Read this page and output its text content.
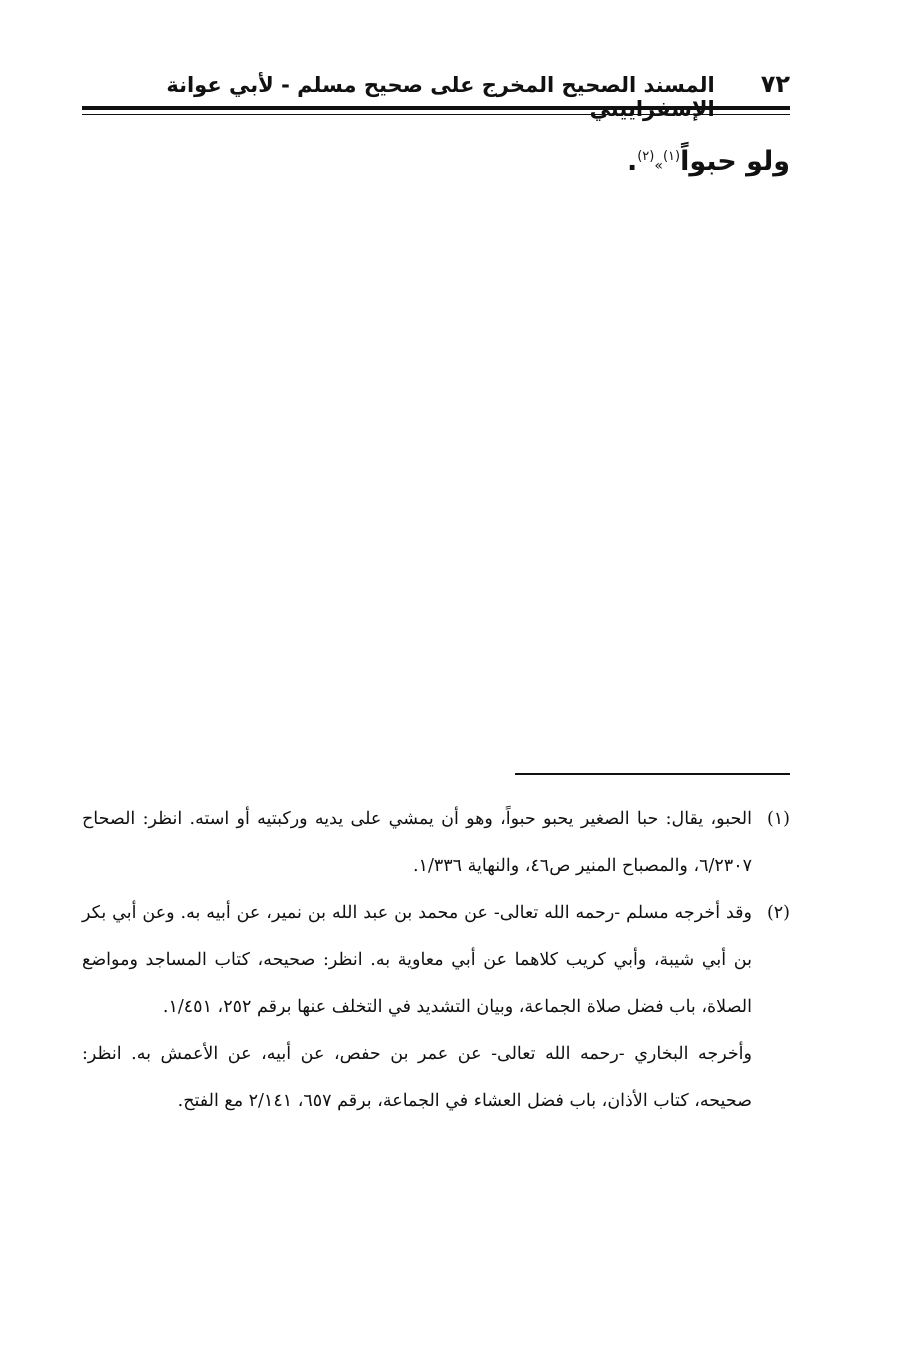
٧٢
المسند الصحيح المخرج على صحيح مسلم - لأبي عوانة
ولو حبواً$^{(١)}$»$^{(٢)}$.
(١)

الحبو، يقال: حبا الصغير يحبو حبواً، وهو أن يمشي على يديه وركبتيه أو استه. انظر: الصحاح ٦/٢٣٠٧، والمصباح المنير ص٤٦، والنهاية ١/٣٣٦.

(٢)

وقد أخرجه مسلم -رحمه الله تعالى- عن محمد بن عبد الله بن نمير، عن أبيه به. وعن أبي بكر بن أبي شيبة، وأبي كريب كلاهما عن أبي معاوية به. انظر: صحيحه، كتاب المساجد ومواضع الصلاة، باب فضل صلاة الجماعة، وبيان التشديد في التخلف عنها برقم ٢٥٢، ١/٤٥١.

وأخرجه البخاري -رحمه الله تعالى- عن عمر بن حفص، عن أبيه، عن الأعمش به. انظر: صحيحه، كتاب الأذان، باب فضل العشاء في الجماعة، برقم ٦٥٧، ٢/١٤١ مع الفتح.
